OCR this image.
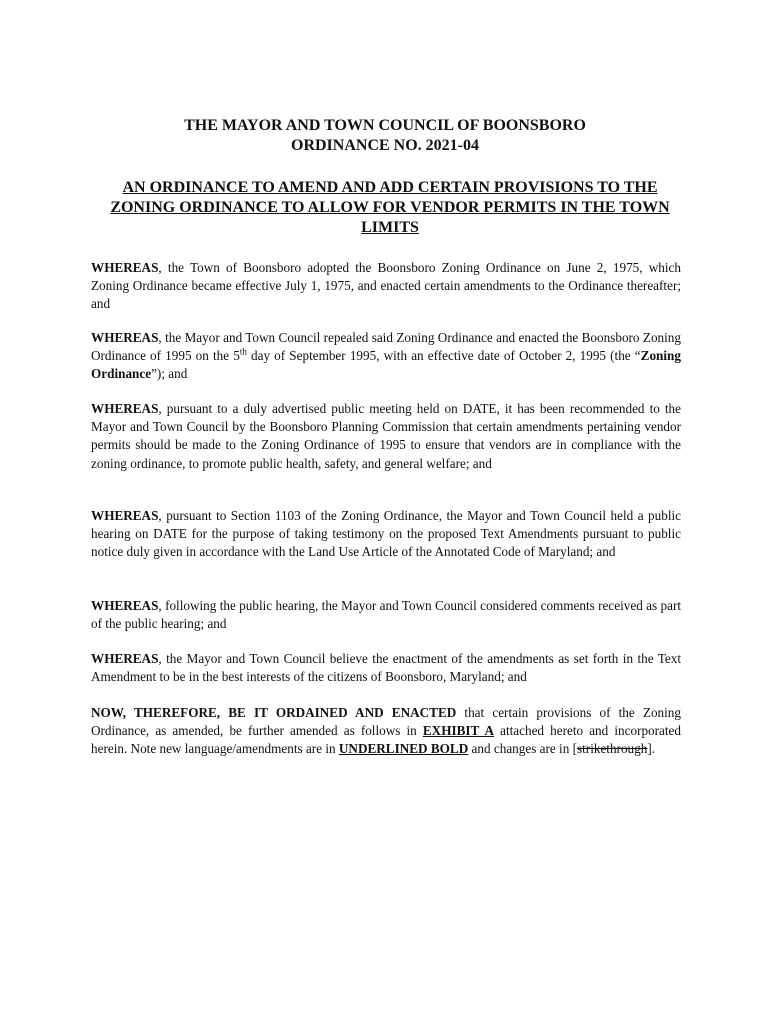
THE MAYOR AND TOWN COUNCIL OF BOONSBORO
ORDINANCE NO. 2021-04
AN ORDINANCE TO AMEND AND ADD CERTAIN PROVISIONS TO THE ZONING ORDINANCE TO ALLOW FOR VENDOR PERMITS IN THE TOWN LIMITS
WHEREAS, the Town of Boonsboro adopted the Boonsboro Zoning Ordinance on June 2, 1975, which Zoning Ordinance became effective July 1, 1975, and enacted certain amendments to the Ordinance thereafter; and
WHEREAS, the Mayor and Town Council repealed said Zoning Ordinance and enacted the Boonsboro Zoning Ordinance of 1995 on the 5th day of September 1995, with an effective date of October 2, 1995 (the “Zoning Ordinance”); and
WHEREAS, pursuant to a duly advertised public meeting held on DATE, it has been recommended to the Mayor and Town Council by the Boonsboro Planning Commission that certain amendments pertaining vendor permits should be made to the Zoning Ordinance of 1995 to ensure that vendors are in compliance with the zoning ordinance, to promote public health, safety, and general welfare; and
WHEREAS, pursuant to Section 1103 of the Zoning Ordinance, the Mayor and Town Council held a public hearing on DATE for the purpose of taking testimony on the proposed Text Amendments pursuant to public notice duly given in accordance with the Land Use Article of the Annotated Code of Maryland; and
WHEREAS, following the public hearing, the Mayor and Town Council considered comments received as part of the public hearing; and
WHEREAS, the Mayor and Town Council believe the enactment of the amendments as set forth in the Text Amendment to be in the best interests of the citizens of Boonsboro, Maryland; and
NOW, THEREFORE, BE IT ORDAINED AND ENACTED that certain provisions of the Zoning Ordinance, as amended, be further amended as follows in EXHIBIT A attached hereto and incorporated herein. Note new language/amendments are in UNDERLINED BOLD and changes are in [strikethrough].
